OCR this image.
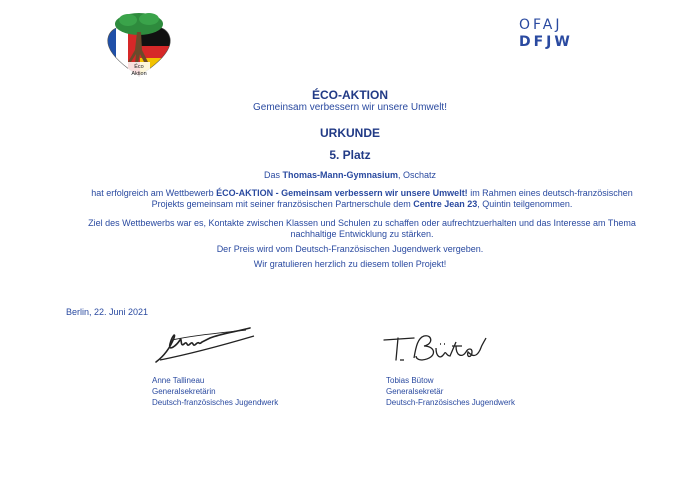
Éco
Aktion
OFAJ
DFJW
ÉCO-AKTION
Gemeinsam verbessern wir unsere Umwelt!
URKUNDE
5. Platz
Das Thomas-Mann-Gymnasium, Oschatz
hat erfolgreich am Wettbewerb ÉCO-AKTION - Gemeinsam verbessern wir unsere Umwelt! im Rahmen eines deutsch-französischen Projekts gemeinsam mit seiner französischen Partnerschule dem Centre Jean 23, Quintin teilgenommen.
Ziel des Wettbewerbs war es, Kontakte zwischen Klassen und Schulen zu schaffen oder aufrechtzuerhalten und das Interesse am Thema nachhaltige Entwicklung zu stärken.
Der Preis wird vom Deutsch-Französischen Jugendwerk vergeben.
Wir gratulieren herzlich zu diesem tollen Projekt!
Berlin, 22. Juni 2021
Anne Tallineau
Generalsekretärin
Deutsch-französisches Jugendwerk
Tobias Bütow
Generalsekretär
Deutsch-Französisches Jugendwerk
